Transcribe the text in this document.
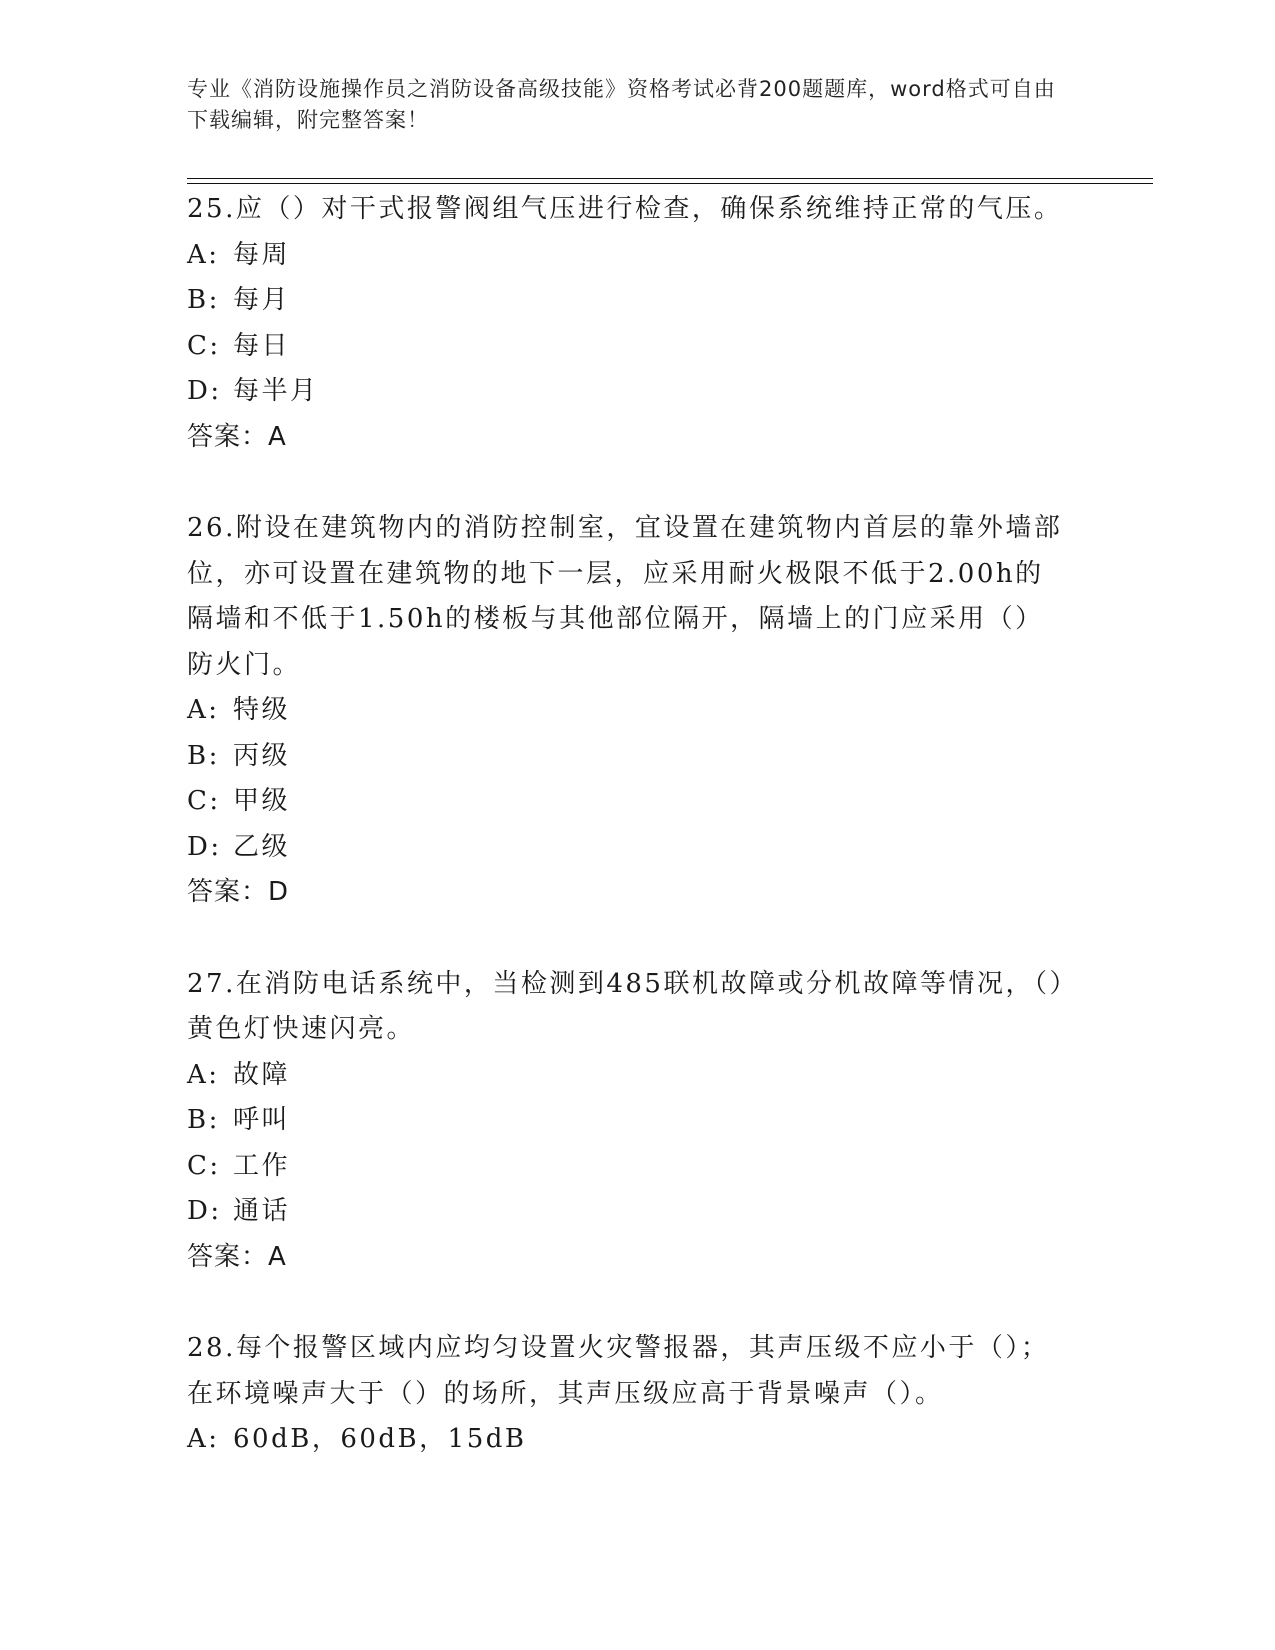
专业《消防设施操作员之消防设备高级技能》资格考试必背200题题库，word格式可自由下载编辑，附完整答案！
25.应（）对干式报警阀组气压进行检查，确保系统维持正常的气压。
A: 每周
B: 每月
C: 每日
D: 每半月
答案：A
26.附设在建筑物内的消防控制室，宜设置在建筑物内首层的靠外墙部位，亦可设置在建筑物的地下一层，应采用耐火极限不低于2.00h的隔墙和不低于1.50h的楼板与其他部位隔开，隔墙上的门应采用（）防火门。
A: 特级
B: 丙级
C: 甲级
D: 乙级
答案：D
27.在消防电话系统中，当检测到485联机故障或分机故障等情况，（）黄色灯快速闪亮。
A: 故障
B: 呼叫
C: 工作
D: 通话
答案：A
28.每个报警区域内应均匀设置火灾警报器，其声压级不应小于（）；在环境噪声大于（）的场所，其声压级应高于背景噪声（）。
A: 60dB，60dB，15dB
